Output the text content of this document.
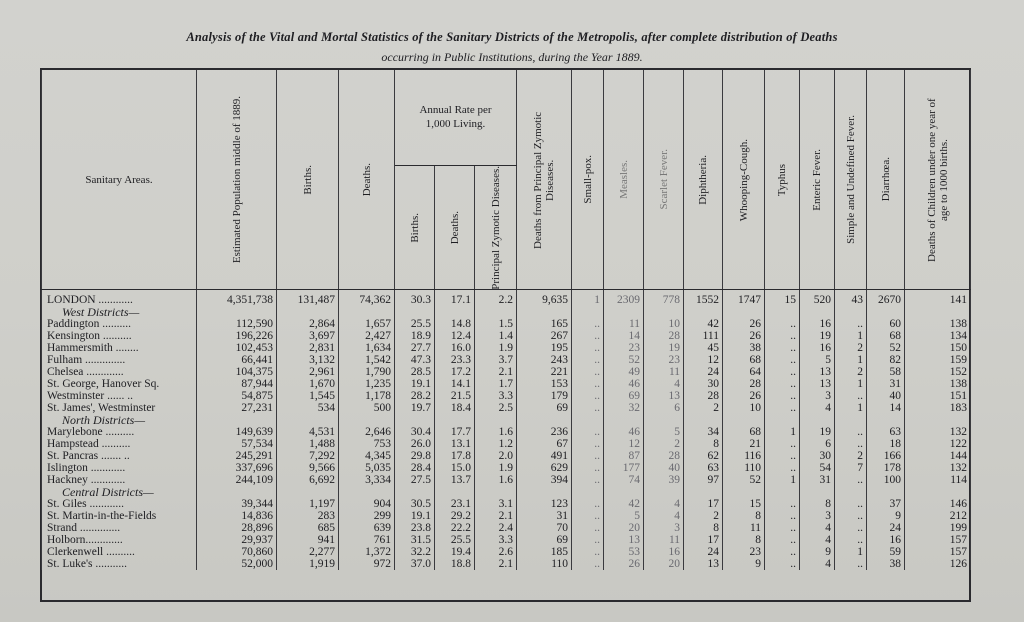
Analysis of the Vital and Mortal Statistics of the Sanitary Districts of the Metropolis, after complete distribution of Deaths
occurring in Public Institutions, during the Year 1889.
Sanitary Areas.	Estimated Population middle of 1889.	Births.	Deaths.	Annual Rate per 1,000 Living.			Deaths from Principal Zymotic Diseases.	Small-pox.	Measles.	Scarlet Fever.	Diphtheria.	Whooping-Cough.	Typhus	Enteric Fever.	Simple and Undefined Fever.	Diarrhœa.	Deaths of Children under one year of age to 1000 births.

				Births.	Deaths.	Principal Zymotic Diseases.											

LONDON ............	4,351,738	131,487	74,362	30.3	17.1	2.2	9,635	1	2309	778	1552	1747	15	520	43	2670	141
West Districts—																	
Paddington ..........	112,590	2,864	1,657	25.5	14.8	1.5	165	..	11	10	42	26	..	16	..	60	138
Kensington ..........	196,226	3,697	2,427	18.9	12.4	1.4	267	..	14	28	111	26	..	19	1	68	134
Hammersmith ........	102,453	2,831	1,634	27.7	16.0	1.9	195	..	23	19	45	38	..	16	2	52	150
Fulham ..............	66,441	3,132	1,542	47.3	23.3	3.7	243	..	52	23	12	68	..	5	1	82	159
Chelsea .............	104,375	2,961	1,790	28.5	17.2	2.1	221	..	49	11	24	64	..	13	2	58	152
St. George, Hanover Sq.	87,944	1,670	1,235	19.1	14.1	1.7	153	..	46	4	30	28	..	13	1	31	138
Westminster ...... ..	54,875	1,545	1,178	28.2	21.5	3.3	179	..	69	13	28	26	..	3	..	40	151
St. James', Westminster	27,231	534	500	19.7	18.4	2.5	69	..	32	6	2	10	..	4	1	14	183
North Districts—																	
Marylebone ..........	149,639	4,531	2,646	30.4	17.7	1.6	236	..	46	5	34	68	1	19	..	63	132
Hampstead ..........	57,534	1,488	753	26.0	13.1	1.2	67	..	12	2	8	21	..	6	..	18	122
St. Pancras ....... ..	245,291	7,292	4,345	29.8	17.8	2.0	491	..	87	28	62	116	..	30	2	166	144
Islington ............	337,696	9,566	5,035	28.4	15.0	1.9	629	..	177	40	63	110	..	54	7	178	132
Hackney ............	244,109	6,692	3,334	27.5	13.7	1.6	394	..	74	39	97	52	1	31	..	100	114
Central Districts—																	
St. Giles ............	39,344	1,197	904	30.5	23.1	3.1	123	..	42	4	17	15	..	8	..	37	146
St. Martin-in-the-Fields	14,836	283	299	19.1	29.2	2.1	31	..	5	4	2	8	..	3	..	9	212
Strand ..............	28,896	685	639	23.8	22.2	2.4	70	..	20	3	8	11	..	4	..	24	199
Holborn.............	29,937	941	761	31.5	25.5	3.3	69	..	13	11	17	8	..	4	..	16	157
Clerkenwell ..........	70,860	2,277	1,372	32.2	19.4	2.6	185	..	53	16	24	23	..	9	1	59	157
St. Luke's ...........	52,000	1,919	972	37.0	18.8	2.1	110	..	26	20	13	9	..	4	..	38	126
